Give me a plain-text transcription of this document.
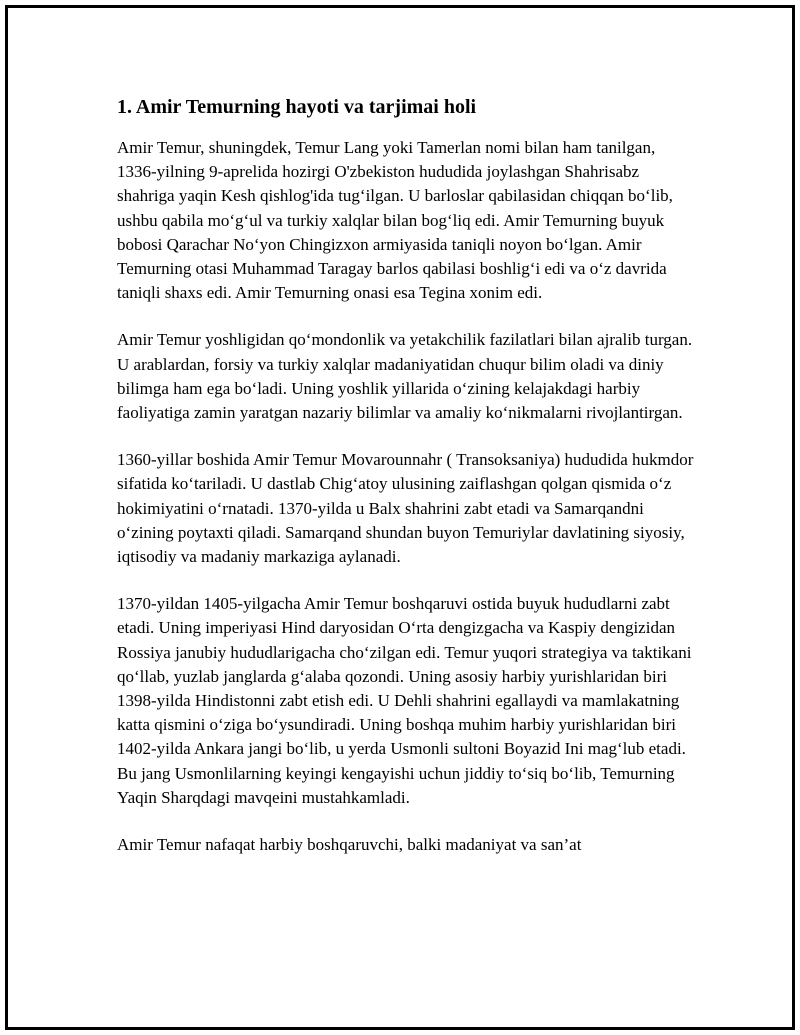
1. Amir Temurning hayoti va tarjimai holi

Amir Temur, shuningdek, Temur Lang yoki Tamerlan nomi bilan ham tanilgan, 1336-yilning 9-aprelida hozirgi O'zbekiston hududida joylashgan Shahrisabz shahriga yaqin Kesh qishlog'ida tug‘ilgan. U barloslar qabilasidan chiqqan bo‘lib, ushbu qabila mo‘g‘ul va turkiy xalqlar bilan bog‘liq edi. Amir Temurning buyuk bobosi Qarachar No‘yon Chingizxon armiyasida taniqli noyon bo‘lgan. Amir Temurning otasi Muhammad Taragay barlos qabilasi boshlig‘i edi va o‘z davrida taniqli shaxs edi. Amir Temurning onasi esa Tegina xonim edi.

Amir Temur yoshligidan qo‘mondonlik va yetakchilik fazilatlari bilan ajralib turgan. U arablardan, forsiy va turkiy xalqlar madaniyatidan chuqur bilim oladi va diniy bilimga ham ega bo‘ladi. Uning yoshlik yillarida o‘zining kelajakdagi harbiy faoliyatiga zamin yaratgan nazariy bilimlar va amaliy ko‘nikmalarni rivojlantirgan.

1360-yillar boshida Amir Temur Movarounnahr ( Transoksaniya) hududida hukmdor sifatida ko‘tariladi. U dastlab Chig‘atoy ulusining zaiflashgan qolgan qismida o‘z hokimiyatini o‘rnatadi. 1370-yilda u Balx shahrini zabt etadi va Samarqandni o‘zining poytaxti qiladi. Samarqand shundan buyon Temuriylar davlatining siyosiy, iqtisodiy va madaniy markaziga aylanadi.

1370-yildan 1405-yilgacha Amir Temur boshqaruvi ostida buyuk hududlarni zabt etadi. Uning imperiyasi Hind daryosidan O‘rta dengizgacha va Kaspiy dengizidan Rossiya janubiy hududlarigacha cho‘zilgan edi. Temur yuqori strategiya va taktikani qo‘llab, yuzlab janglarda g‘alaba qozondi. Uning asosiy harbiy yurishlaridan biri 1398-yilda Hindistonni zabt etish edi. U Dehli shahrini egallaydi va mamlakatning katta qismini o‘ziga bo‘ysundiradi. Uning boshqa muhim harbiy yurishlaridan biri 1402-yilda Ankara jangi bo‘lib, u yerda Usmonli sultoni Boyazid Ini mag‘lub etadi. Bu jang Usmonlilarning keyingi kengayishi uchun jiddiy to‘siq bo‘lib, Temurning Yaqin Sharqdagi mavqeini mustahkamladi.

Amir Temur nafaqat harbiy boshqaruvchi, balki madaniyat va san’at
